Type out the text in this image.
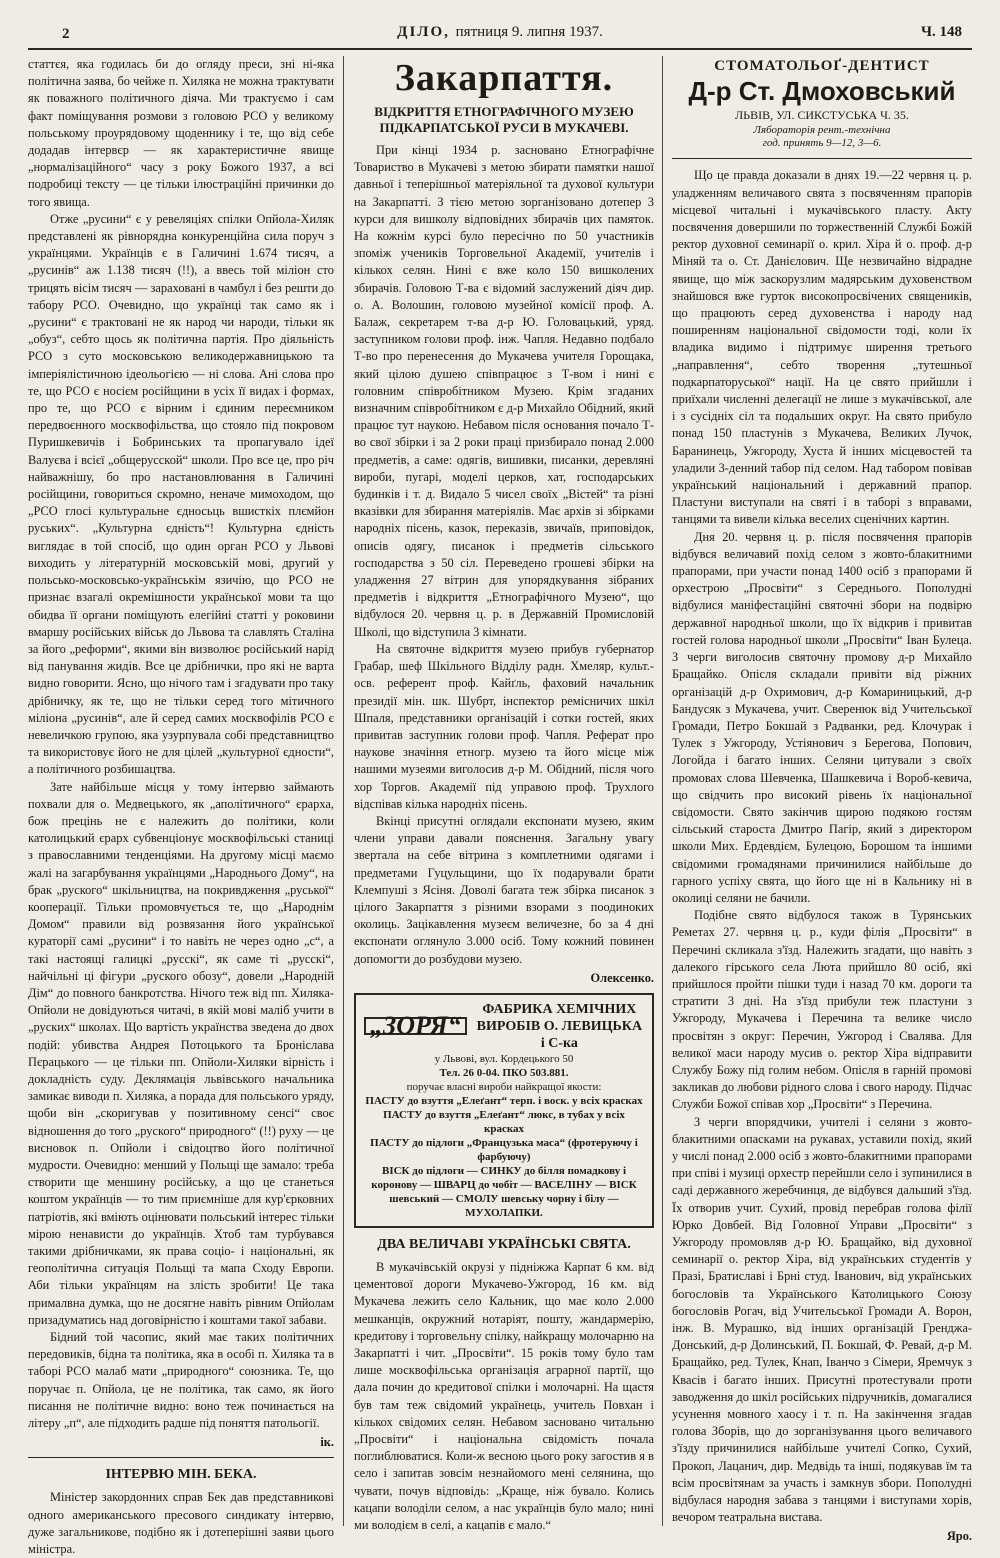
2	ДІЛО, пятниця 9. липня 1937.	Ч. 148

статтєя, яка годилась би до огляду преси, зні ні-яка політична заява, бо чейже п. Хиляка не можна трактувати як поважного політичного діяча. Ми трактуємо і сам факт поміщування розмови з головою РСО у великому польському проурядовому щоденнику і те, що від себе додадав інтервєр — як характеристичне явище „нормалізаційного“ часу з року Божого 1937, а всі подробиці тексту — це тільки ілюстраційні причинки до того явища.

Отже „русини“ є у ревеляціях спілки Опйола-Хиляк представлені як рівнорядна конкуренційна сила поруч з українцями. Українців є в Галичині 1.674 тисяч, а „русинів“ аж 1.138 тисяч (!!), а ввесь той міліон сто трицять вісім тисяч — зараховані в чамбул і без решти до табору РСО. Очевидно, що українці так само як і „русини“ є трактовані не як народ чи народи, тільки як „обуз“, себто щось як політична партія. Про діяльність РСО з суто московською великодержавницькою та імперіялістичною ідеольогією — ні слова. Ані слова про те, що РСО є носієм російщини в усіх її видах і формах, про те, що РСО є вірним і єдиним переємником передвоєнного москвофільства, що стояло під покровом Пуришкевичів і Бобринських та пропагувало ідеї Валуєва і всієї „общерусской“ школи. Про все це, про річ найважнішу, бо про настановлювання в Галичині російщини, говориться скромно, неначе мимоходом, що „РСО глосі культуральне єдносьць вшисткіх плємйон руських“. „Культурна єдність“! Культурна єдність виглядає в той спосіб, що один орган РСО у Львові виходить у літературній московській мові, другий у польсько-московсько-українськім язичію, що РСО не признає взагалі окремішности української мови та що обидва її органи поміщують елегійні статті у роковини вмаршу російських військ до Львова та славлять Сталіна за його „реформи“, якими він визволює російський нарід від панування жидів. Все це дрібнички, про які не варта видно говорити. Ясно, що нічого там і згадувати про таку дрібничку, як те, що не тільки серед того мітичного міліона „русинів“, але й серед самих москвофілів РСО є невеличкою групою, яка узурпувала собі представництво та використовує його не для цілей „культурної єдности“, а політичного розбишацтва.

Зате найбільше місця у тому інтервю займають похвали для о. Медвецького, як „аполітичного“ єрарха, бож прецінь не є належить до політики, коли католицький єрарх субвенціонує москвофільські станиці з православними тенденціями. На другому місці маємо жалі на загарбування українцями „Народнього Дому“, на брак „руского“ шкільництва, на покривдження „руської“ кооперації. Тільки промовчується те, що „Народнім Домом“ правили від розвязання його української кураторії самі „русини“ і то навіть не через одно „с“, а такі настоящі галицкі „русскі“, як саме ті „русскі“, найчільні ці фігури „руского обозу“, довели „Народній Дім“ до повного банкротства. Нічого теж від пп. Хиляка-Опйоли не довідуються читачі, в якій мові маліб учити в „руских“ школах. Що вартість українства зведена до двох подій: убивства Андрея Потоцького та Броніслава Пєрацького — це тільки пп. Опйоли-Хиляки вірність і докладність суду. Деклямація львівського начальника замикає виводи п. Хиляка, а порада для польського уряду, щоби він „скоригував у позитивному сенсі“ своє відношення до того „руского“ природного“ (!!) руху — це висновок п. Опйоли і свідоцтво його політичної мудрости. Очевидно: менший у Польщі ще замало: треба створити ще меншину російську, а що це станеться коштом українців — то тим приємніше для кур'єрковних патріотів, які вміють оцінювати польський інтерес тільки мірою ненависти до українців. Хтоб там турбувався такими дрібничками, як права соціо- і національні, як геополітична ситуація Польщі та мапа Сходу Европи. Аби тільки українцям на злість зробити! Це така прималвна думка, що не досягне навіть рівним Опйолам призадуматись над договірністю і коштами такої забави.

Бідний той часопис, який має таких політичних передовиків, бідна та політика, яка в особі п. Хиляка та в таборі РСО малаб мати „природного“ союзника. Те, що поручає п. Опйола, це не політика, так само, як його писання не політичне видно: воно теж починається на літеру „п“, але підходить радше під поняття патольогії.

ік.
ІНТЕРВЮ МІН. БЕКА.

Міністер закордонних справ Бек дав представникові одного американського пресового синдикату інтервю, дуже загальникове, подібно як і дотеперішні заяви цього міністра.

Закарпаття.
ВІДКРИТТЯ ЕТНОГРАФІЧНОГО МУЗЕЮ ПІДКАРПАТСЬКОЇ РУСИ В МУКАЧЕВІ.

При кінці 1934 р. засновано Етнографічне Товариство в Мукачеві з метою збирати памятки нашої давньої і теперішньої матеріяльної та духової культури на Закарпатті. З тією метою зорганізовано дотепер 3 курси для вишколу відповідних збирачів цих памяток. На кожнім курсі було пересічно по 50 участників зпоміж учеників Торговельної Академії, учителів і кількох селян. Нині є вже коло 150 вишколених збирачів. Головою Т-ва є відомий заслужений діяч дир. о. А. Волошин, головою музейної комісії проф. А. Балаж, секретарем т-ва д-р Ю. Головацький, уряд. заступником голови проф. інж. Чапля. Недавно подбало Т-во про перенесення до Мукачева учителя Горощака, який цілою душею співпрацює з Т-вом і нині є головним співробітником Музею. Крім згаданих визначним співробітником є д-р Михайло Обідний, який працює тут наукою. Небавом після основання почало Т-во свої збірки і за 2 роки праці призбирало понад 2.000 предметів, а саме: одягів, вишивки, писанки, деревляні вироби, пугарі, моделі церков, хат, господарських будинків і т. д. Видало 5 чисел своїх „Вістей“ та різні вказівки для збирання матеріялів. Має архів зі збірками народніх пісень, казок, переказів, звичаїв, приповідок, описів одягу, писанок і предметів сільського господарства з 50 сіл. Переведено грошеві збірки на уладження 27 вітрин для упорядкування зібраних предметів і відкриття „Етнографічного Музею“, що відбулося 20. червня ц. р. в Державній Промисловій Школі, що відступила 3 кімнати.

На святочне відкриття музею прибув губернатор Грабар, шеф Шкільного Відділу радн. Хмеляр, культ.-осв. референт проф. Кайґль, фаховий начальник президії мін. шк. Шубрт, інспектор ремісничих шкіл Шпаля, представники організацій і сотки гостей, яких привитав заступник голови проф. Чапля. Реферат про наукове значіння етногр. музею та його місце між нашими музеями виголосив д-р М. Обідний, після чого хор Торгов. Академії під управою проф. Трухлого відспівав кілька народніх пісень.

Вкінці присутні оглядали експонати музею, яким члени управи давали пояснення. Загальну увагу звертала на себе вітрина з комплетними одягами і предметами Гуцульщини, що їх подарували брати Клемпуші з Ясіня. Доволі багата теж збірка писанок з цілого Закарпаття з різними взорами з поодиноких околиць. Зацікавлення музеєм величезне, бо за 4 дні експонати оглянуло 3.000 осіб. Тому кожний повинен допомогти до розбудови музею.

Олексенко.
„ЗОРЯ“
ФАБРИКА ХЕМІЧНИХ ВИРОБІВ О. ЛЕВИЦЬКА і С-ка
у Львові, вул. Кордецького 50
Тел. 26 0-04. ПКО 503.881.
поручає власні вироби найкращої якости:
ПАСТУ до взуття „Елеґант“ терп. і воск. у всіх красках
ПАСТУ до взуття „Елеґант“ люкс, в тубах у всіх красках
ПАСТУ до підлоги „Французька маса“ (фротеруючу і фарбуючу)
ВІСК до підлоги — СИНКУ до білля помадкову і коронову — ШВАРЦ до чобіт — ВАСЕЛІНУ — ВІСК шевський — СМОЛУ шевську чорну і білу — МУХОЛАПКИ.
ДВА ВЕЛИЧАВІ УКРАЇНСЬКІ СВЯТА.

В мукачівській окрузі у підніжжа Карпат 6 км. від цементової дороги Мукачево-Ужгород, 16 км. від Мукачева лежить село Кальник, що має коло 2.000 мешканців, окружний нотаріят, пошту, жандармерію, кредитову і торговельну спілку, найкращу молочарню на Закарпатті і чит. „Просвіти“. 15 років тому було там лише москвофільська організація аграрної партії, що дала почин до кредитової спілки і молочарні. На щастя був там теж свідомий українець, учитель Повхан і кількох свідомих селян. Небавом засновано читальню „Просвіти“ і національна свідомість почала поглиблюватися. Коли-ж весною цього року загостив я в село і запитав зовсім незнайомого мені селянина, що чувати, почув відповідь: „Краще, ніж бувало. Колись кацапи володіли селом, а нас українців було мало; нині ми володієм в селі, а кацапів є мало.“

СТОМАТОЛЬОҐ-ДЕНТИСТ
Д-р Ст. Дмоховський
ЛЬВІВ, УЛ. СИКСТУСЬКА Ч. 35.
Лябораторія рент.-технічна
год. принять 9—12, 3—6.

Що це правда доказали в днях 19.—22 червня ц. р. уладженням величавого свята з посвяченням прапорів місцевої читальні і мукачівського пласту. Акту посвячення довершили по торжественній Службі Божій ректор духовної семинарії о. крил. Хіра й о. проф. д-р Міняй та о. Ст. Данієлович. Ще незвичайно відрадне явище, що між заскорузлим мадярським духовенством знайшовся вже гурток високопросвічених священиків, що працюють серед духовенства і народу над поширенням національної свідомости тоді, коли їх владика видимо і підтримує ширення третього „направлення“, себто творення „тутешньої подкарпаторуської“ нації. На це свято прийшли і приїхали численні делегації не лише з мукачівської, але і з сусідніх сіл та подальших округ. На свято прибуло понад 150 пластунів з Мукачева, Великих Лучок, Баранинець, Ужгороду, Хуста й інших місцевостей та уладили 3-денний табор під селом. Над табором повівав український національний і державний прапор. Пластуни виступали на святі і в таборі з вправами, танцями та вивели кілька веселих сценічних картин.

Дня 20. червня ц. р. після посвячення прапорів відбувся величавий похід селом з жовто-блакитними прапорами, при участи понад 1400 осіб з прапорами й орхестрою „Просвіти“ з Середнього. Пополудні відбулися маніфестаційні святочні збори на подвірю державної народньої школи, що їх відкрив і привитав гостей голова народньої школи „Просвіти“ Іван Булеца. З черги виголосив святочну промову д-р Михайло Бращайко. Опісля складали привіти від ріжних організацій д-р Охримович, д-р Комариницький, д-р Бандусяк з Мукачева, учит. Сверенюк від Учительської Громади, Петро Бокшай з Радванки, ред. Клочурак і Тулек з Ужгороду, Устіянович з Берегова, Попович, Логойда і багато інших. Селяни цитували з своїх промовах слова Шевченка, Шашкевича і Вороб-кевича, що свідчить про високий рівень їх національної свідомости. Свято закінчив щирою подякою гостям сільський староста Дмитро Пагір, який з директором школи Мих. Ердевдієм, Булецою, Борошом та іншими свідомими громадянами причинилися найбільше до гарного успіху свята, що його ще ні в Кальнику ні в околиці селяни не бачили.

Подібне свято відбулося також в Турянських Реметах 27. червня ц. р., куди філія „Просвіти“ в Перечині скликала з'їзд. Належить згадати, що навіть з далекого гірського села Люта прийшло 80 осіб, які прийшлося пройти пішки туди і назад 70 км. дороги та стратити 3 дні. На з'їзд прибули теж пластуни з Ужгороду, Мукачева і Перечина та велике число просвітян з округ: Перечин, Ужгород і Свалява. Для великої маси народу мусив о. ректор Хіра відправити Службу Божу під голим небом. Опісля в гарній промові закликав до любови рідного слова і свого народу. Підчас Служби Божої співав хор „Просвіти“ з Перечина.

З черги впорядчики, учителі і селяни з жовто-блакитними опасками на рукавах, уставили похід, який у числі понад 2.000 осіб з жовто-блакитними прапорами при співі і музиці орхестр перейшли село і зупинилися в саді державного жеребчинця, де відбувся дальший з'їзд. Їх отворив учит. Сухий, провід перебрав голова філії Юрко Довбей. Від Головної Управи „Просвіти“ з Ужгороду промовляв д-р Ю. Бращайко, від духовної семинарії о. ректор Хіра, від українських студентів у Празі, Братиславі і Брні студ. Іванович, від українських богословів та Українського Католицького Союзу богословів Рогач, від Учительської Громади А. Ворон, інж. В. Мурашко, від інших організацій Гренджа-Донський, д-р Долинський, П. Бокшай, Ф. Ревай, д-р М. Бращайко, ред. Тулек, Кнап, Іванчо з Сімери, Яремчук з Квасів і багато інших. Присутні протестували проти заводження до шкіл російських підручників, домагалися усунення мовного хаосу і т. п. На закінчення згадав голова Зборів, що до зорганізування цього величавого з'їзду причинилися найбільше учителі Сопко, Сухий, Прокоп, Лацанич, дир. Медвідь та інші, подякував їм та всім просвітянам за участь і замкнув збори. Пополудні відбулася народня забава з танцями і виступами хорів, вечором театральна вистава.

Ярo.
